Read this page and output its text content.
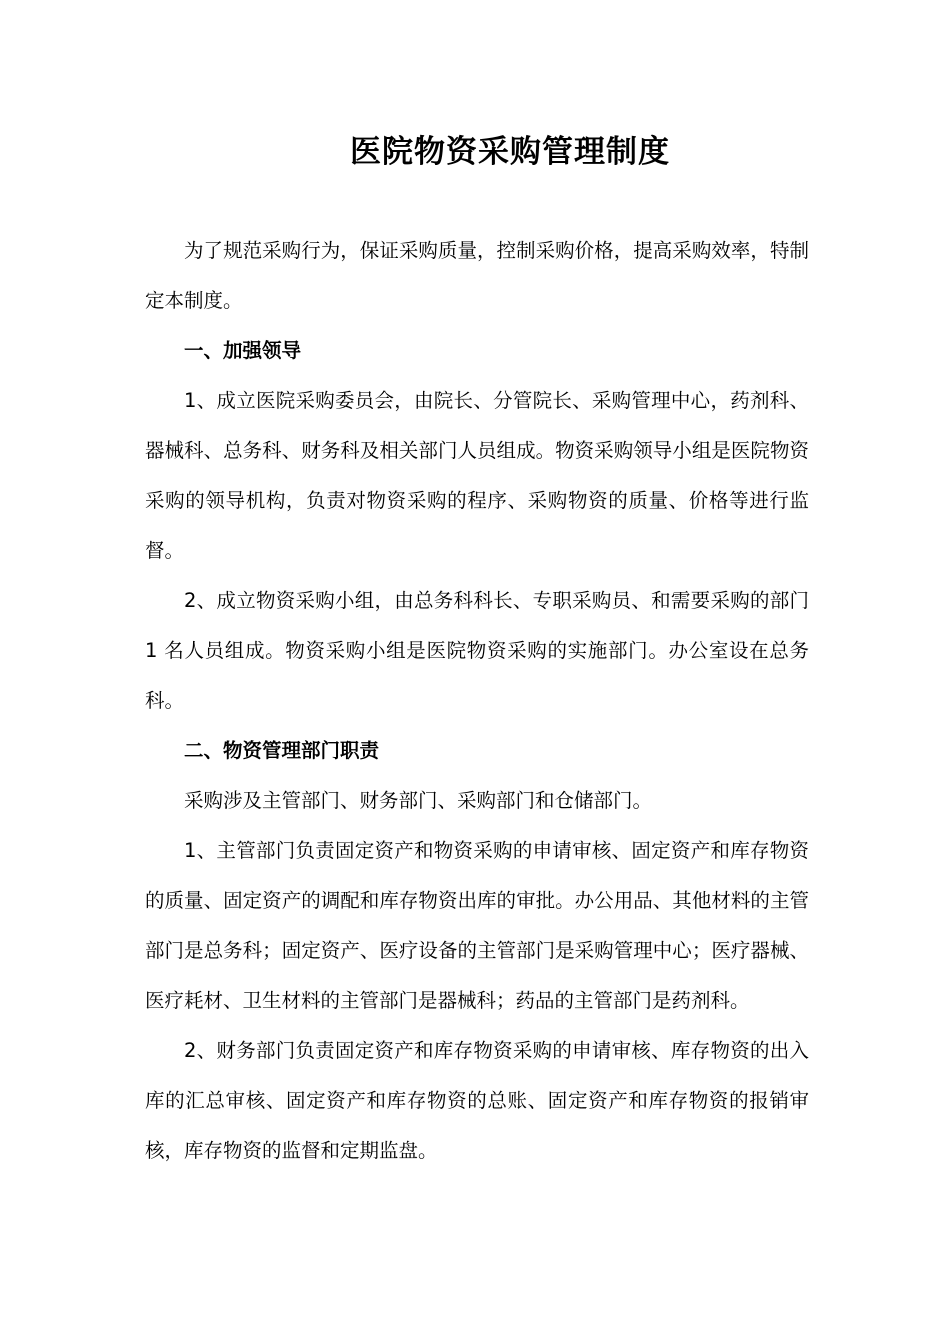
医院物资采购管理制度

为了规范采购行为，保证采购质量，控制采购价格，提高采购效率，特制定本制度。

一、加强领导

1、成立医院采购委员会，由院长、分管院长、采购管理中心，药剂科、器械科、总务科、财务科及相关部门人员组成。物资采购领导小组是医院物资采购的领导机构，负责对物资采购的程序、采购物资的质量、价格等进行监督。

2、成立物资采购小组，由总务科科长、专职采购员、和需要采购的部门 1 名人员组成。物资采购小组是医院物资采购的实施部门。办公室设在总务科。

二、物资管理部门职责

采购涉及主管部门、财务部门、采购部门和仓储部门。

1、主管部门负责固定资产和物资采购的申请审核、固定资产和库存物资的质量、固定资产的调配和库存物资出库的审批。办公用品、其他材料的主管部门是总务科；固定资产、医疗设备的主管部门是采购管理中心；医疗器械、医疗耗材、卫生材料的主管部门是器械科；药品的主管部门是药剂科。

2、财务部门负责固定资产和库存物资采购的申请审核、库存物资的出入库的汇总审核、固定资产和库存物资的总账、固定资产和库存物资的报销审核，库存物资的监督和定期监盘。
